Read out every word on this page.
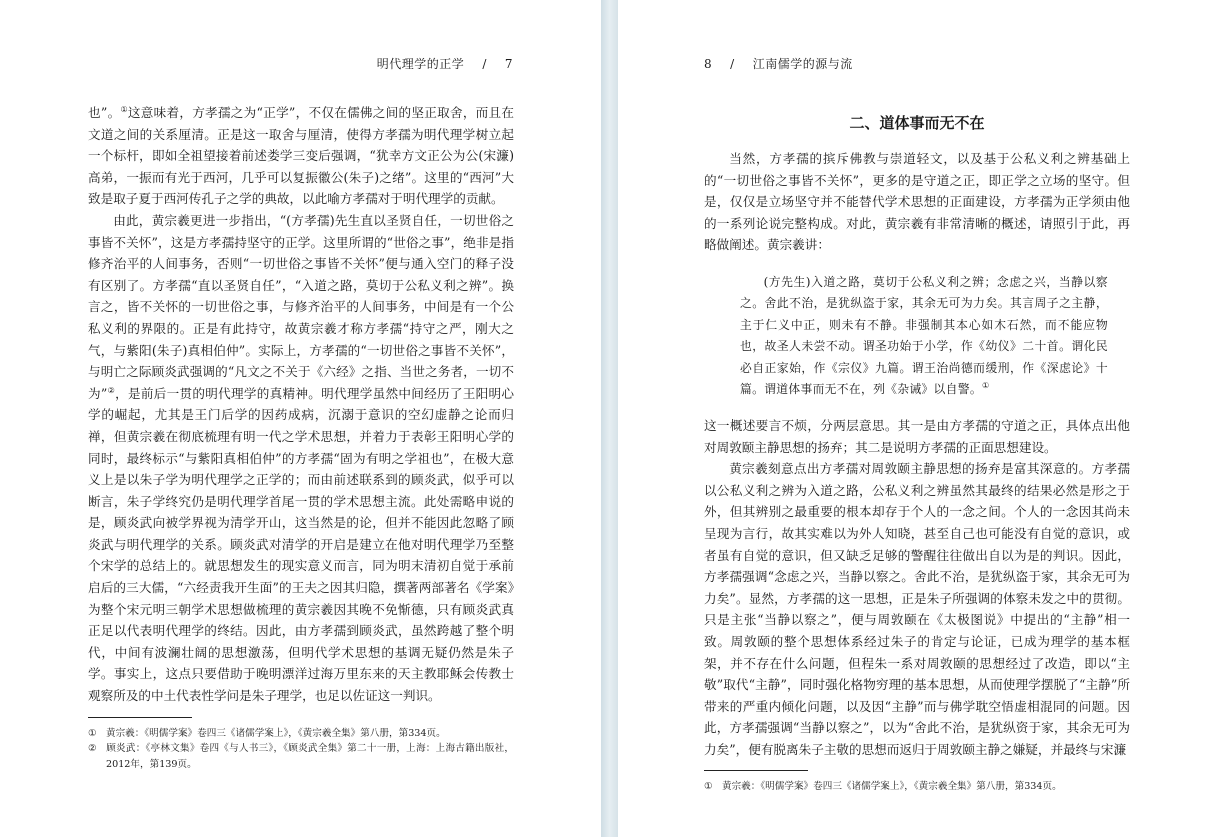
明代理学的正学 / 7

也”。①这意味着，方孝孺之为“正学”，不仅在儒佛之间的坚正取舍，而且在文道之间的关系厘清。正是这一取舍与厘清，使得方孝孺为明代理学树立起一个标杆，即如全祖望接着前述娄学三变后强调，“犹幸方文正公为公(宋濂)高弟，一振而有光于西河，几乎可以复振徽公(朱子)之绪”。这里的“西河”大致是取子夏于西河传孔子之学的典故，以此喻方孝孺对于明代理学的贡献。

由此，黄宗羲更进一步指出，“(方孝孺)先生直以圣贤自任，一切世俗之事皆不关怀”，这是方孝孺持坚守的正学。这里所谓的“世俗之事”，绝非是指修齐治平的人间事务，否则“一切世俗之事皆不关怀”便与通入空门的释子没有区别了。方孝孺“直以圣贤自任”，“入道之路，莫切于公私义利之辨”。换言之，皆不关怀的一切世俗之事，与修齐治平的人间事务，中间是有一个公私义利的界限的。正是有此持守，故黄宗羲才称方孝孺“持守之严，刚大之气，与紫阳(朱子)真相伯仲”。实际上，方孝孺的“一切世俗之事皆不关怀”，与明亡之际顾炎武强调的“凡文之不关于《六经》之指、当世之务者，一切不为”②，是前后一贯的明代理学的真精神。明代理学虽然中间经历了王阳明心学的崛起，尤其是王门后学的因药成病，沉溺于意识的空幻虚静之论而归禅，但黄宗羲在彻底梳理有明一代之学术思想，并着力于表彰王阳明心学的同时，最终标示“与紫阳真相伯仲”的方孝孺“固为有明之学祖也”，在极大意义上是以朱子学为明代理学之正学的；而由前述联系到的顾炎武，似乎可以断言，朱子学终究仍是明代理学首尾一贯的学术思想主流。此处需略申说的是，顾炎武向被学界视为清学开山，这当然是的论，但并不能因此忽略了顾炎武与明代理学的关系。顾炎武对清学的开启是建立在他对明代理学乃至整个宋学的总结上的。就思想发生的现实意义而言，同为明末清初自觉于承前启后的三大儒，“六经责我开生面”的王夫之因其归隐，撰著两部著名《学案》为整个宋元明三朝学术思想做梳理的黄宗羲因其晚不免惭德，只有顾炎武真正足以代表明代理学的终结。因此，由方孝孺到顾炎武，虽然跨越了整个明代，中间有波澜壮阔的思想激荡，但明代学术思想的基调无疑仍然是朱子学。事实上，这点只要借助于晚明漂洋过海万里东来的天主教耶稣会传教士观察所及的中土代表性学问是朱子理学，也足以佐证这一判识。

① 黄宗羲：《明儒学案》卷四三《诸儒学案上》，《黄宗羲全集》第八册，第334页。

② 顾炎武：《亭林文集》卷四《与人书三》，《顾炎武全集》第二十一册，上海：上海古籍出版社，2012年，第139页。

8 / 江南儒学的源与流
二、道体事而无不在

当然，方孝孺的摈斥佛教与崇道轻文，以及基于公私义利之辨基础上的“一切世俗之事皆不关怀”，更多的是守道之正，即正学之立场的坚守。但是，仅仅是立场坚守并不能替代学术思想的正面建设，方孝孺为正学须由他的一系列论说完整构成。对此，黄宗羲有非常清晰的概述，请照引于此，再略做阐述。黄宗羲讲：

(方先生)入道之路，莫切于公私义利之辨；念虑之兴，当静以察之。舍此不治，是犹纵盗于家，其余无可为力矣。其言周子之主静，主于仁义中正，则未有不静。非强制其本心如木石然，而不能应物也，故圣人未尝不动。谓圣功始于小学，作《幼仪》二十首。谓化民必自正家始，作《宗仪》九篇。谓王治尚德而缓刑，作《深虑论》十篇。谓道体事而无不在，列《杂诫》以自警。①

这一概述要言不烦，分两层意思。其一是由方孝孺的守道之正，具体点出他对周敦颐主静思想的扬弃；其二是说明方孝孺的正面思想建设。

黄宗羲刻意点出方孝孺对周敦颐主静思想的扬弃是富其深意的。方孝孺以公私义利之辨为入道之路，公私义利之辨虽然其最终的结果必然是形之于外，但其辨别之最重要的根本却存于个人的一念之间。个人的一念因其尚未呈现为言行，故其实难以为外人知晓，甚至自己也可能没有自觉的意识，或者虽有自觉的意识，但又缺乏足够的警醒往往做出自以为是的判识。因此，方孝孺强调“念虑之兴，当静以察之。舍此不治，是犹纵盗于家，其余无可为力矣”。显然，方孝孺的这一思想，正是朱子所强调的体察未发之中的贯彻。只是主张“当静以察之”，便与周敦颐在《太极图说》中提出的“主静”相一致。周敦颐的整个思想体系经过朱子的肯定与论证，已成为理学的基本框架，并不存在什么问题，但程朱一系对周敦颐的思想经过了改造，即以“主敬”取代“主静”，同时强化格物穷理的基本思想，从而使理学摆脱了“主静”所带来的严重内倾化问题，以及因“主静”而与佛学耽空悟虚相混同的问题。因此，方孝孺强调“当静以察之”，以为“舍此不治，是犹纵资于家，其余无可为力矣”，便有脱离朱子主敬的思想而返归于周敦颐主静之嫌疑，并最终与宋濂

① 黄宗羲：《明儒学案》卷四三《诸儒学案上》，《黄宗羲全集》第八册，第334页。
